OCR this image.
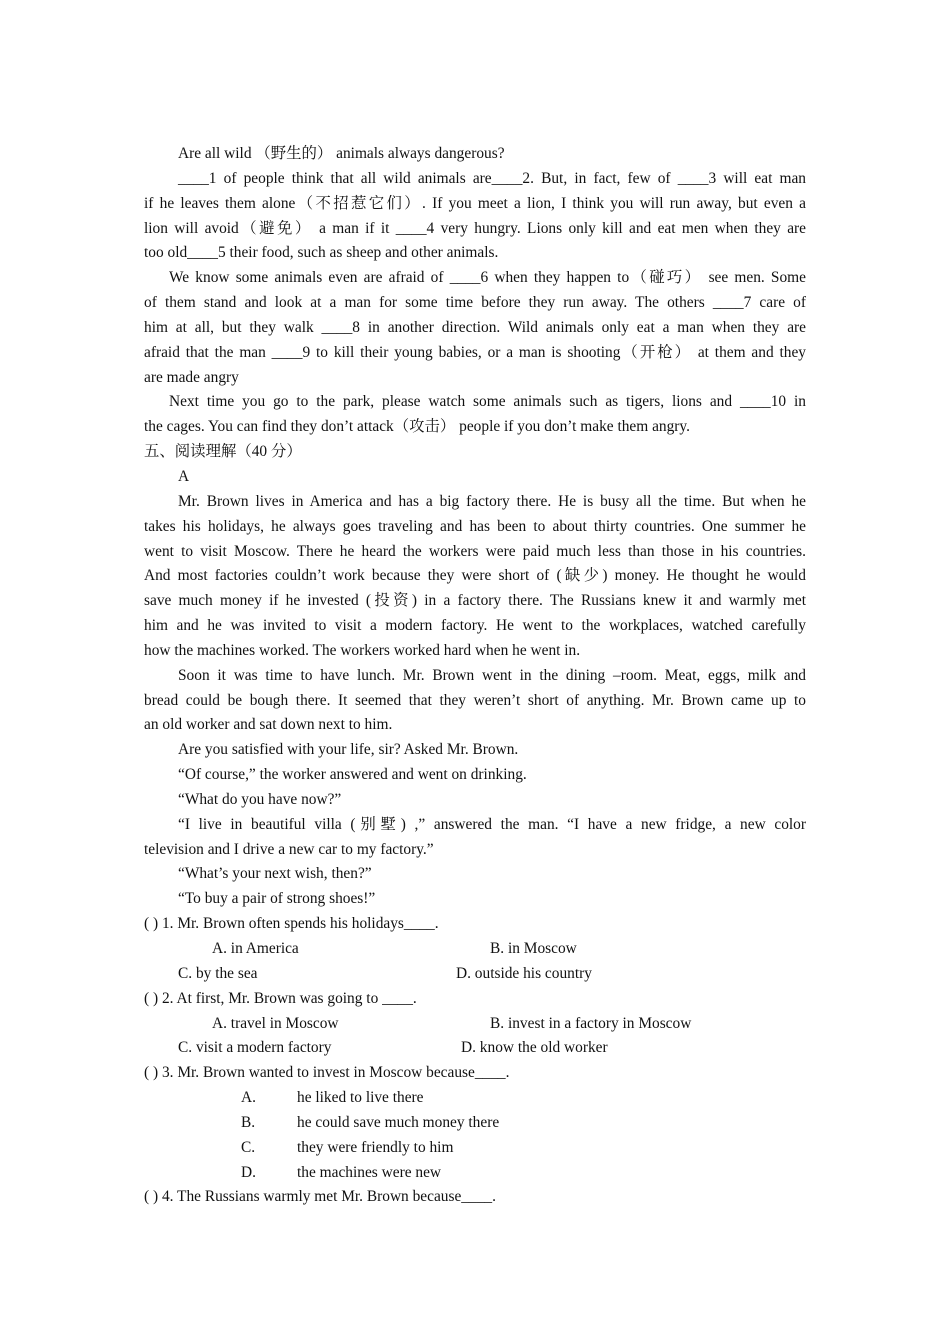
Are all wild （野生的） animals always dangerous?
____1 of people think that all wild animals are____2. But, in fact, few of ____3 will eat man
if he leaves them alone（不招惹它们）. If you meet a lion, I think you will run away, but even a
lion will avoid（避免） a man if it ____4 very hungry. Lions only kill and eat men when they are
too old____5 their food, such as sheep and other animals.
We know some animals even are afraid of ____6 when they happen to（碰巧） see men. Some
of them stand and look at a man for some time before they run away. The others ____7 care of
him at all, but they walk ____8 in another direction. Wild animals only eat a man when they are
afraid that the man ____9 to kill their young babies, or a man is shooting（开枪） at them and they
are made angry
Next time you go to the park, please watch some animals such as tigers, lions and ____10 in
the cages. You can find they don’t attack（攻击） people if you don’t make them angry.
五、阅读理解（40 分）
A
Mr. Brown lives in America and has a big factory there. He is busy all the time. But when he
takes his holidays, he always goes traveling and has been to about thirty countries. One summer he
went to visit Moscow. There he heard the workers were paid much less than those in his countries.
And most factories couldn’t work because they were short of (缺少) money. He thought he would
save much money if he invested (投资) in a factory there. The Russians knew it and warmly met
him and he was invited to visit a modern factory. He went to the workplaces, watched carefully
how the machines worked. The workers worked hard when he went in.
Soon it was time to have lunch. Mr. Brown went in the dining –room. Meat, eggs, milk and
bread could be bough there. It seemed that they weren’t short of anything. Mr. Brown came up to
an old worker and sat down next to him.
Are you satisfied with your life, sir? Asked Mr. Brown.
“Of course,” the worker answered and went on drinking.
“What do you have now?”
“I live in beautiful villa (别墅) ,” answered the man. “I have a new fridge, a new color
television and I drive a new car to my factory.”
“What’s your next wish, then?”
“To buy a pair of strong shoes!”
( ) 1. Mr. Brown often spends his holidays____.
A. in America	B. in Moscow
C. by the sea	D. outside his country
( ) 2. At first, Mr. Brown was going to ____.
A. travel in Moscow	B. invest in a factory in Moscow
C. visit a modern factory	D. know the old worker
( ) 3. Mr. Brown wanted to invest in Moscow because____.
A.	he liked to live there
B.	he could save much money there
C.	they were friendly to him
D.	the machines were new
( ) 4. The Russians warmly met Mr. Brown because____.
